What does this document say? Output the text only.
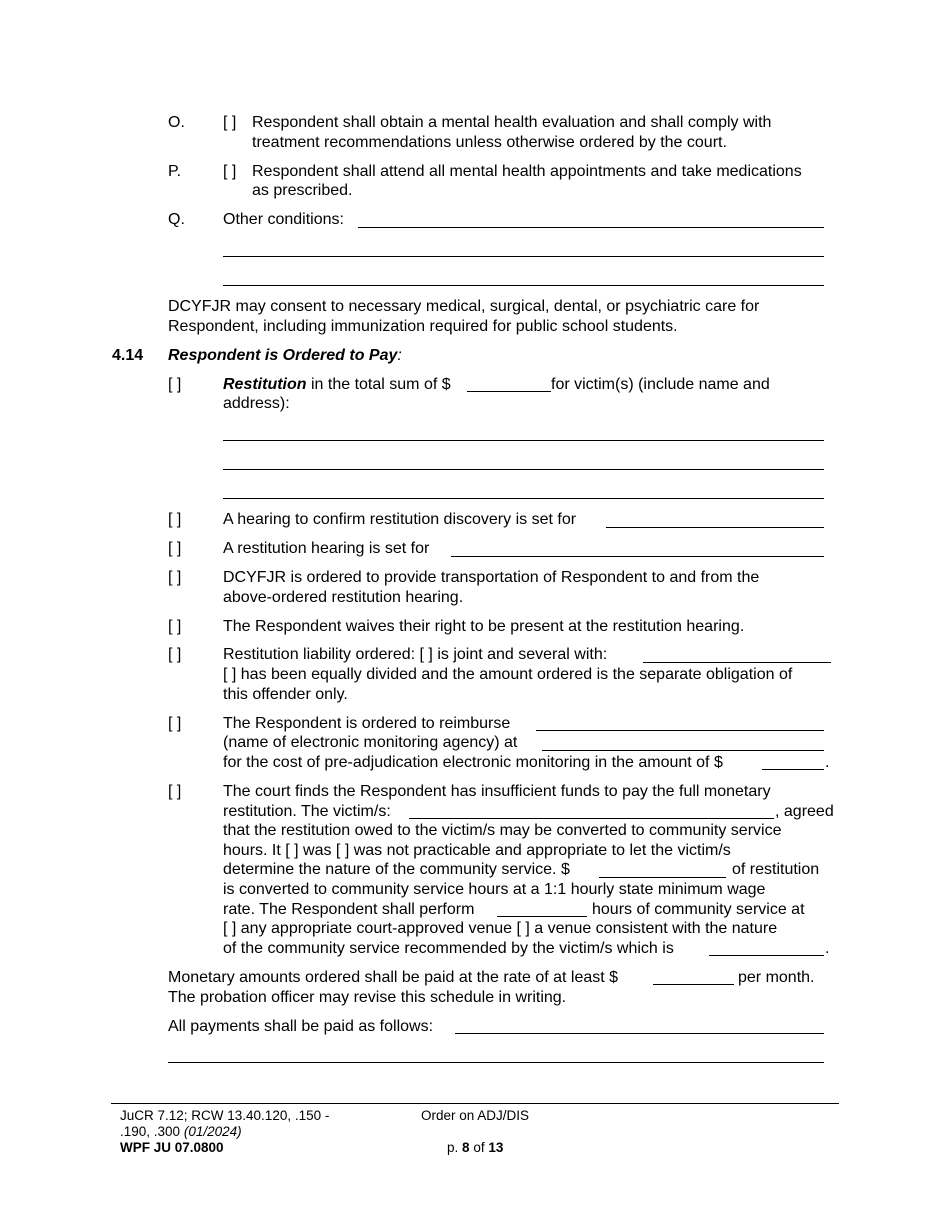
O. [ ] Respondent shall obtain a mental health evaluation and shall comply with
treatment recommendations unless otherwise ordered by the court.
P.	[ ] Respondent shall attend all mental health appointments and take medications
as prescribed.
Q. Other conditions:
DCYFJR may consent to necessary medical, surgical, dental, or psychiatric care for
Respondent, including immunization required for public school students.
4.14 Respondent is Ordered to Pay:
[ ]	Restitution in the total sum of $	for victim(s) (include name and
address):
[ ]	A hearing to confirm restitution discovery is set for
[ ]	A restitution hearing is set for
[ ]	DCYFJR is ordered to provide transportation of Respondent to and from the
above-ordered restitution hearing.
[ ]	The Respondent waives their right to be present at the restitution hearing.
[ ]	Restitution liability ordered: [ ] is joint and several with:
[ ] has been equally divided and the amount ordered is the separate obligation of
this offender only.
[ ]	The Respondent is ordered to reimburse
(name of electronic monitoring agency) at
for the cost of pre-adjudication electronic monitoring in the amount of $	.
[ ]	The court finds the Respondent has insufficient funds to pay the full monetary
restitution. The victim/s:	, agreed
that the restitution owed to the victim/s may be converted to community service
hours. It [ ] was [ ] was not practicable and appropriate to let the victim/s
determine the nature of the community service. $	of restitution
is converted to community service hours at a 1:1 hourly state minimum wage
rate. The Respondent shall perform	hours of community service at
[ ] any appropriate court-approved venue [ ] a venue consistent with the nature
of the community service recommended by the victim/s which is	.
Monetary amounts ordered shall be paid at the rate of at least $	per month.
The probation officer may revise this schedule in writing.
All payments shall be paid as follows:
JuCR 7.12; RCW 13.40.120, .150 -
.190, .300 (01/2024)
WPF JU 07.0800
Order on ADJ/DIS
p. 8 of 13
